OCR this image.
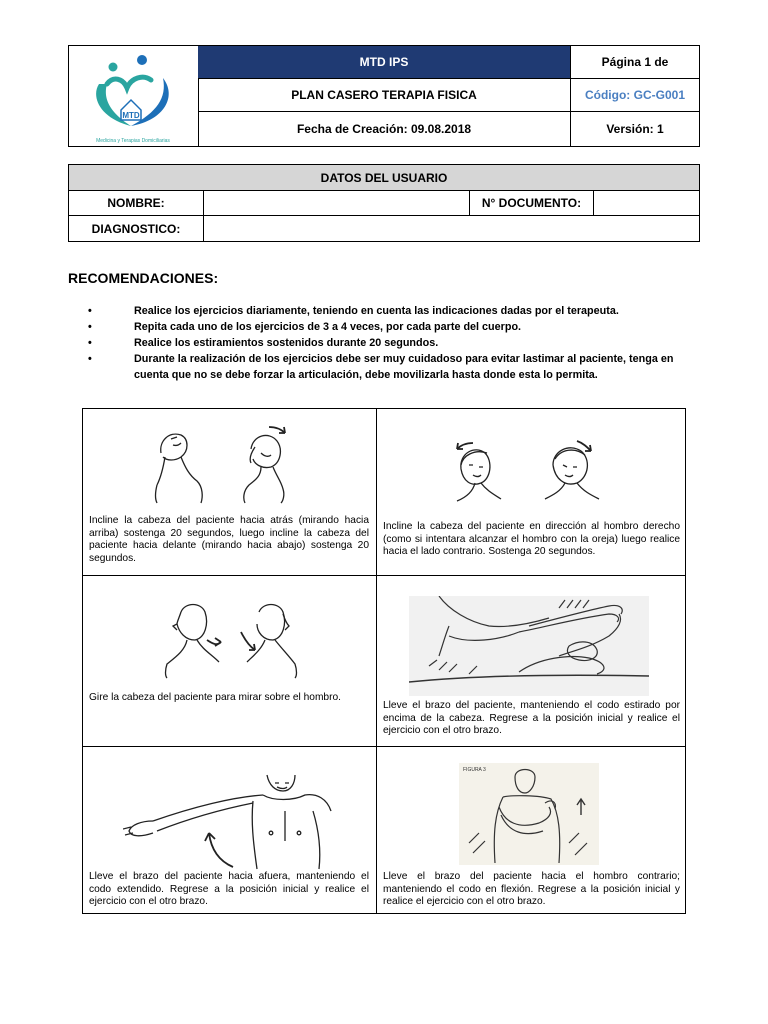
MTD
Medicina y Terapias Domiciliarias
MTD IPS	Página 1 de
PLAN CASERO TERAPIA FISICA	Código: GC-G001
Fecha de Creación: 09.08.2018	Versión: 1
DATOS DEL USUARIO
NOMBRE:	N° DOCUMENTO:
DIAGNOSTICO:
RECOMENDACIONES:
•	Realice los ejercicios diariamente, teniendo en cuenta las indicaciones dadas por el terapeuta.
•	Repita cada uno de los ejercicios de 3 a 4 veces, por cada parte del cuerpo.
•	Realice los estiramientos sostenidos durante 20 segundos.
•	Durante la realización de los ejercicios debe ser muy cuidadoso para evitar lastimar al paciente, tenga en cuenta que no se debe forzar la articulación, debe movilizarla hasta donde esta lo permita.
Incline la cabeza del paciente hacia atrás (mirando hacia arriba) sostenga 20 segundos, luego incline la cabeza del paciente hacia delante (mirando hacia abajo) sostenga 20 segundos.
Incline la cabeza del paciente en dirección al hombro derecho (como si intentara alcanzar el hombro con la oreja) luego realice hacia el lado contrario. Sostenga 20 segundos.
Gire la cabeza del paciente para mirar sobre el hombro.
Lleve el brazo del paciente, manteniendo el codo estirado por encima de la cabeza. Regrese a la posición inicial y realice el ejercicio con el otro brazo.
Lleve el brazo del paciente hacia afuera, manteniendo el codo extendido. Regrese a la posición inicial y realice el ejercicio con el otro brazo.
FIGURA 3
Lleve el brazo del paciente hacia el hombro contrario; manteniendo el codo en flexión. Regrese a la posición inicial y realice el ejercicio con el otro brazo.
